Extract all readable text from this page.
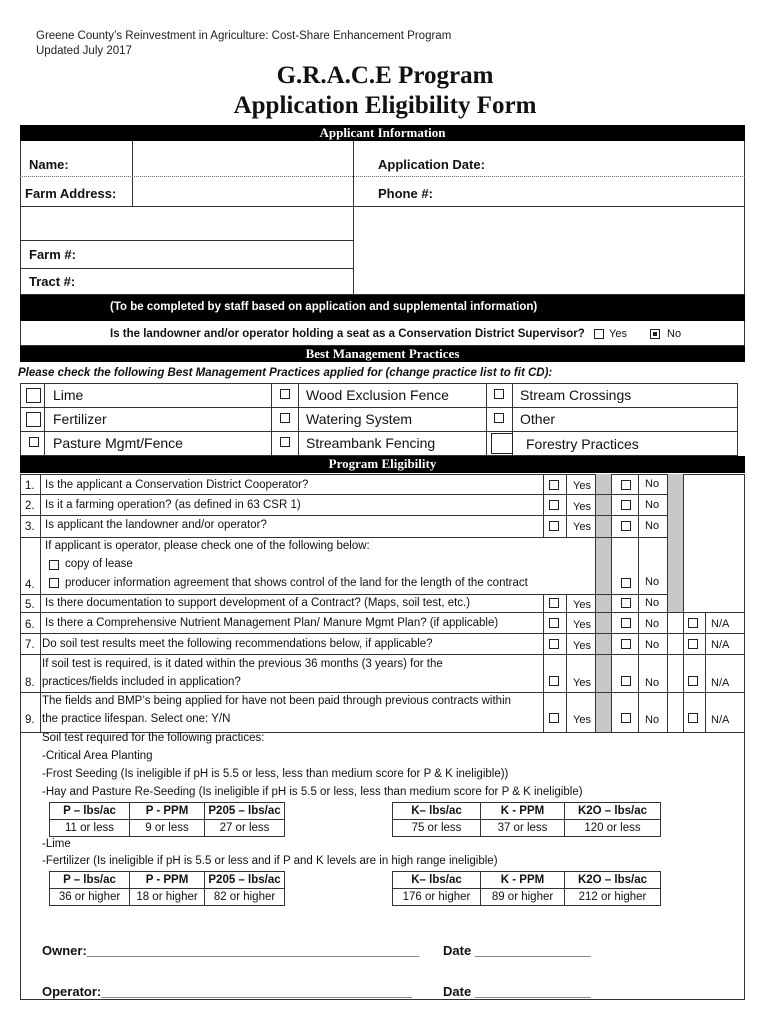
Greene County’s Reinvestment in Agriculture: Cost-Share Enhancement Program
Updated July 2017
G.R.A.C.E Program
Application Eligibility Form
Applicant Information
Name:	Application Date:
Farm Address:	Phone #:
Farm #:
Tract #:
(To be completed by staff based on application and supplemental information)
Is the landowner and/or operator holding a seat as a Conservation District Supervisor? Yes	No
Best Management Practices
Please check the following Best Management Practices applied for (change practice list to fit CD):
Lime	Wood Exclusion Fence	Stream Crossings
Fertilizer	Watering System	Other
Pasture Mgmt/Fence	Streambank Fencing	Forestry Practices
Program Eligibility
1. Is the applicant a Conservation District Cooperator?	Yes	No
2. Is it a farming operation? (as defined in 63 CSR 1)	Yes	No
3. Is applicant the landowner and/or operator?	Yes	No
If applicant is operator, please check one of the following below:
copy of lease
4.	producer information agreement that shows control of the land for the length of the contract	No
5. Is there documentation to support development of a Contract? (Maps, soil test, etc.)	Yes	No
6. Is there a Comprehensive Nutrient Management Plan/ Manure Mgmt Plan? (if applicable)	Yes	No	N/A
7. Do soil test results meet the following recommendations below, if applicable?	Yes	No	N/A
If soil test is required, is it dated within the previous 36 months (3 years) for the
8. practices/fields included in application?	Yes	No	N/A
The fields and BMP’s being applied for have not been paid through previous contracts within
9. the practice lifespan. Select one: Y/N	Yes	No	N/A
Soil test required for the following practices:
-Critical Area Planting
-Frost Seeding (Is ineligible if pH is 5.5 or less, less than medium score for P & K ineligible))
-Hay and Pasture Re-Seeding (Is ineligible if pH is 5.5 or less, less than medium score for P & K ineligible)
P – lbs/ac	P - PPM	P205 – lbs/ac		K– lbs/ac	K - PPM	K2O – lbs/ac
11 or less	9 or less	27 or less		75 or less	37 or less	120 or less
-Lime
-Fertilizer (Is ineligible if pH is 5.5 or less and if P and K levels are in high range ineligible)
P – lbs/ac	P - PPM	P205 – lbs/ac		K– lbs/ac	K - PPM	K2O – lbs/ac
36 or higher	18 or higher	82 or higher		176 or higher	89 or higher	212 or higher
Owner:______________________________________________ Date ________________
Operator:___________________________________________ Date ________________
